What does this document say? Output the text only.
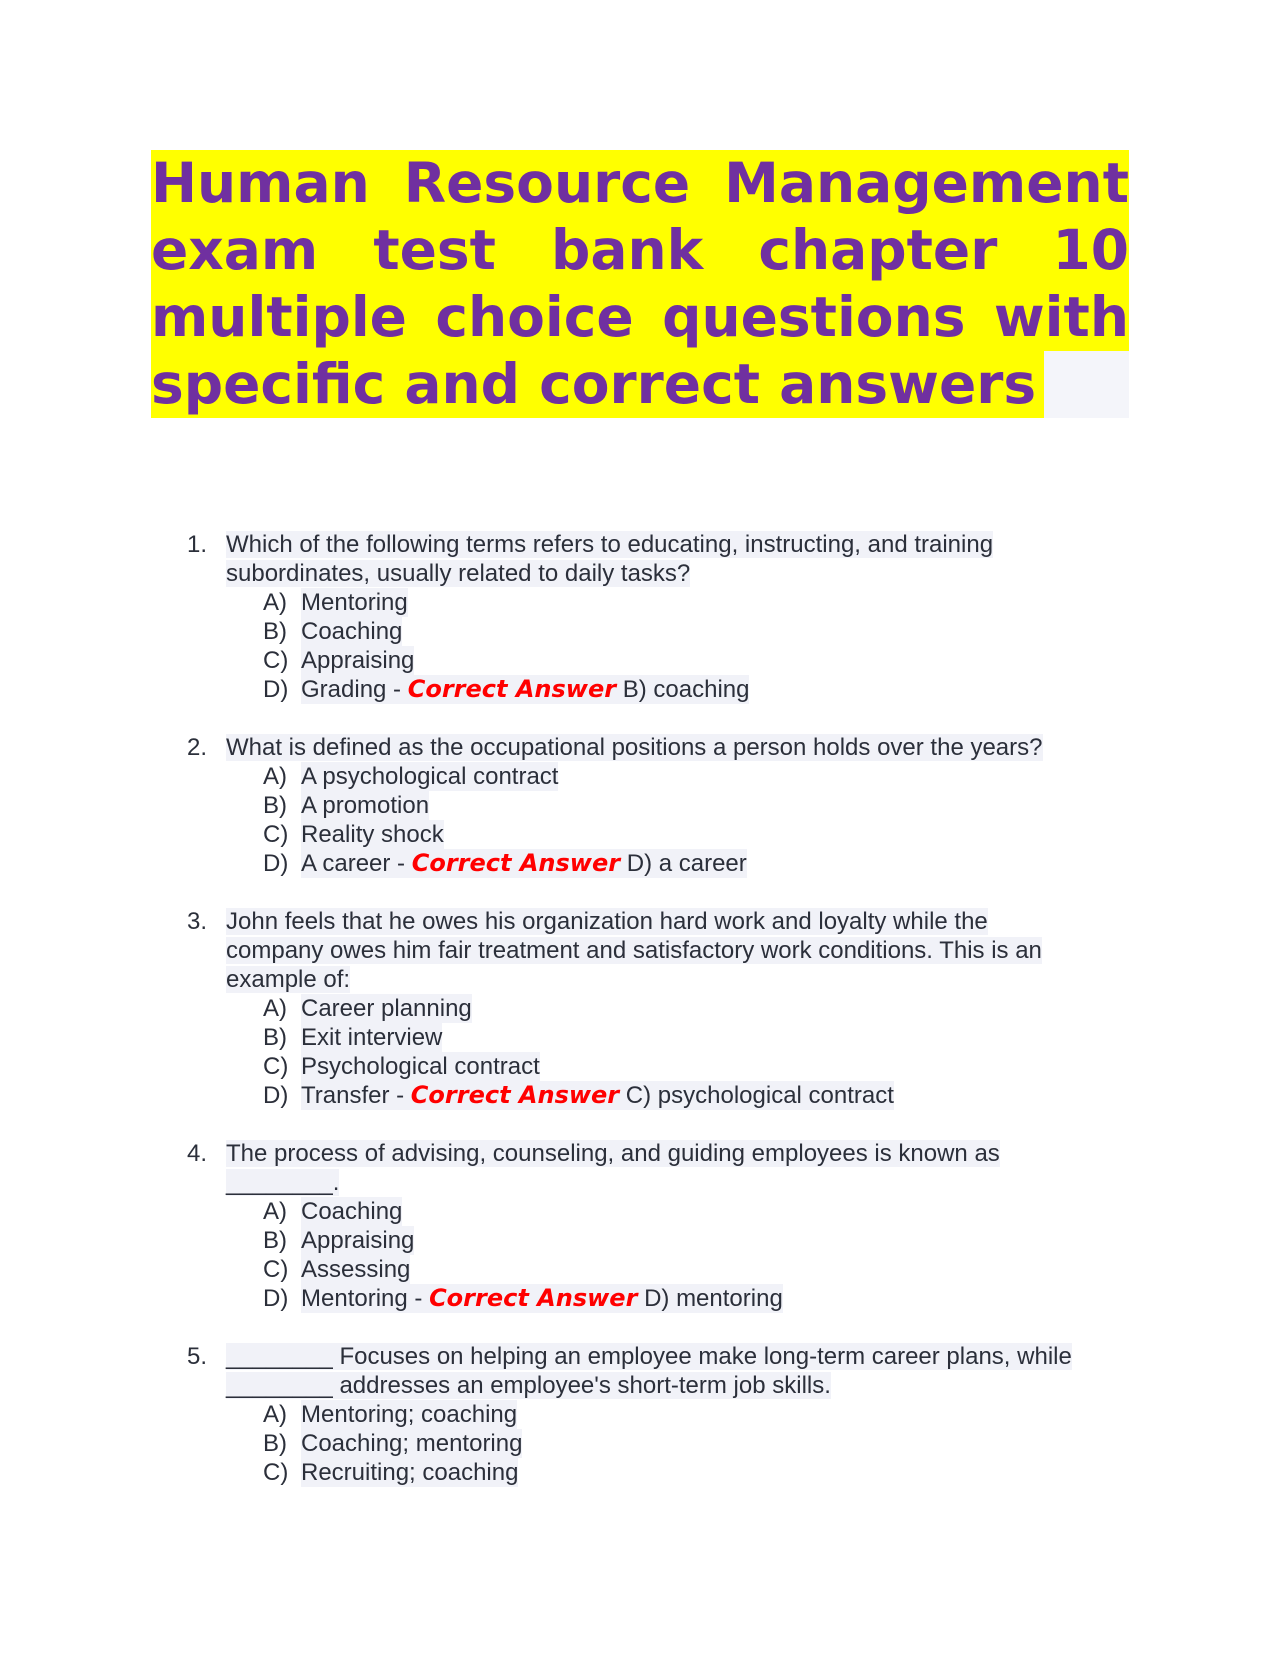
Human Resource Management
exam test bank chapter 10
multiple choice questions with
specific and correct answers
1. Which of the following terms refers to educating, instructing, and training
subordinates, usually related to daily tasks?
A) Mentoring
B) Coaching
C) Appraising
D) Grading - Correct Answer B) coaching
2. What is defined as the occupational positions a person holds over the years?
A) A psychological contract
B) A promotion
C) Reality shock
D) A career - Correct Answer D) a career
3. John feels that he owes his organization hard work and loyalty while the
company owes him fair treatment and satisfactory work conditions. This is an
example of:
A) Career planning
B) Exit interview
C) Psychological contract
D) Transfer - Correct Answer C) psychological contract
4. The process of advising, counseling, and guiding employees is known as
________.
A) Coaching
B) Appraising
C) Assessing
D) Mentoring - Correct Answer D) mentoring
5. ________ Focuses on helping an employee make long-term career plans, while
________ addresses an employee's short-term job skills.
A) Mentoring; coaching
B) Coaching; mentoring
C) Recruiting; coaching
